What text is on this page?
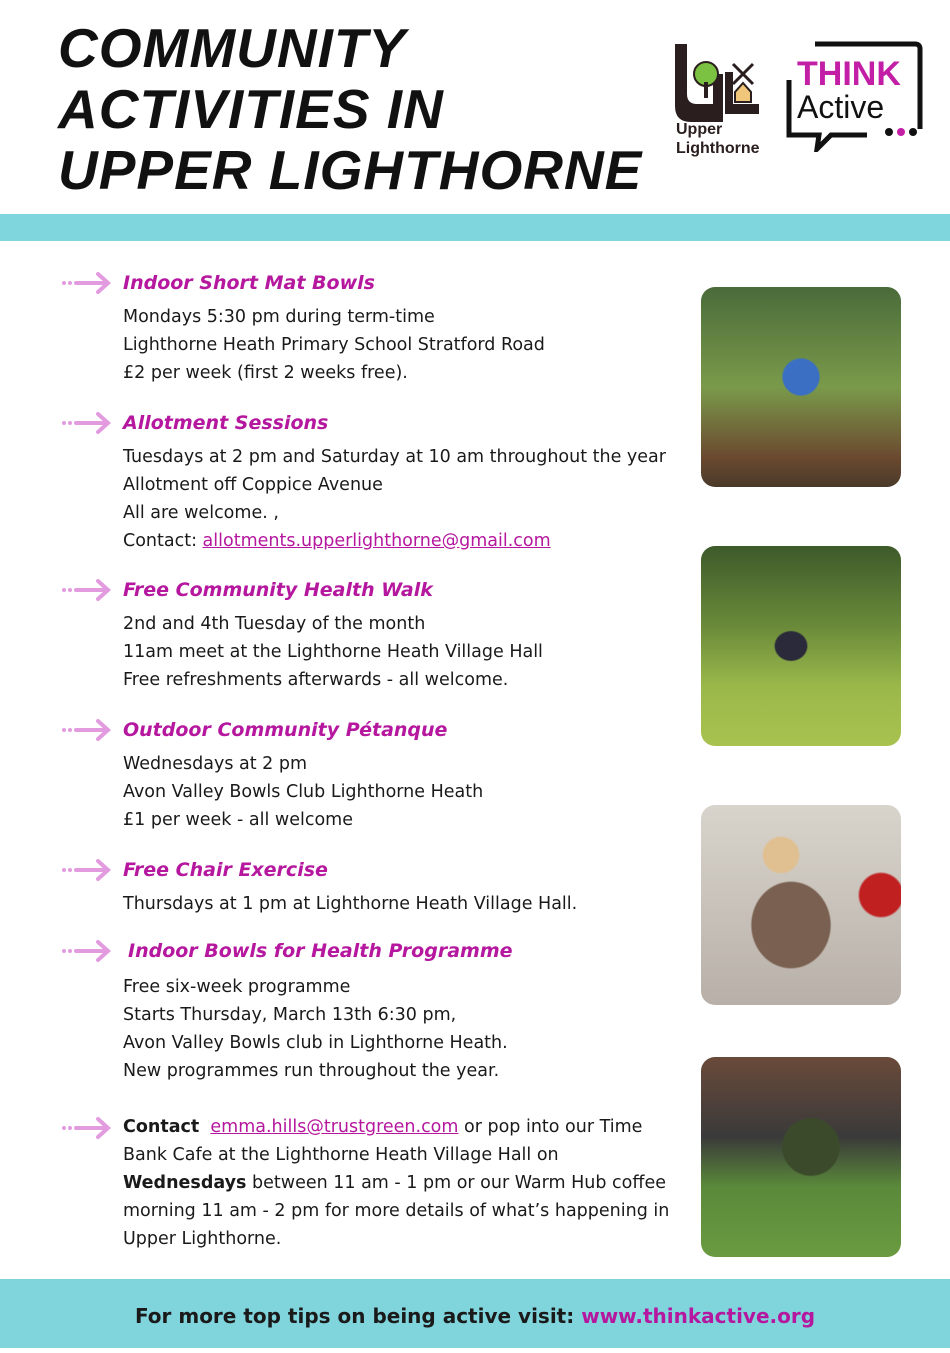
COMMUNITY
ACTIVITIES IN
UPPER LIGHTHORNE
Upper
Lighthorne
THINK
Active
Indoor Short Mat Bowls
Mondays 5:30 pm during term-time
Lighthorne Heath Primary School Stratford Road
£2 per week (first 2 weeks free).
Allotment Sessions
Tuesdays at 2 pm and Saturday at 10 am throughout the year
Allotment off Coppice Avenue
All are welcome. ,
Contact: allotments.upperlighthorne@gmail.com
Free Community Health Walk
2nd and 4th Tuesday of the month
11am meet at the Lighthorne Heath Village Hall
Free refreshments afterwards - all welcome.
Outdoor Community Pétanque
Wednesdays at 2 pm
Avon Valley Bowls Club Lighthorne Heath
£1 per week - all welcome
Free Chair Exercise
Thursdays at 1 pm at Lighthorne Heath Village Hall.
Indoor Bowls for Health Programme
Free six-week programme
Starts Thursday, March 13th 6:30 pm,
Avon Valley Bowls club in Lighthorne Heath.
New programmes run throughout the year.
Contact emma.hills@trustgreen.com or pop into our Time
Bank Cafe at the Lighthorne Heath Village Hall on
Wednesdays between 11 am - 1 pm or our Warm Hub coffee
morning 11 am - 2 pm for more details of what’s happening in
Upper Lighthorne.
For more top tips on being active visit: www.thinkactive.org
